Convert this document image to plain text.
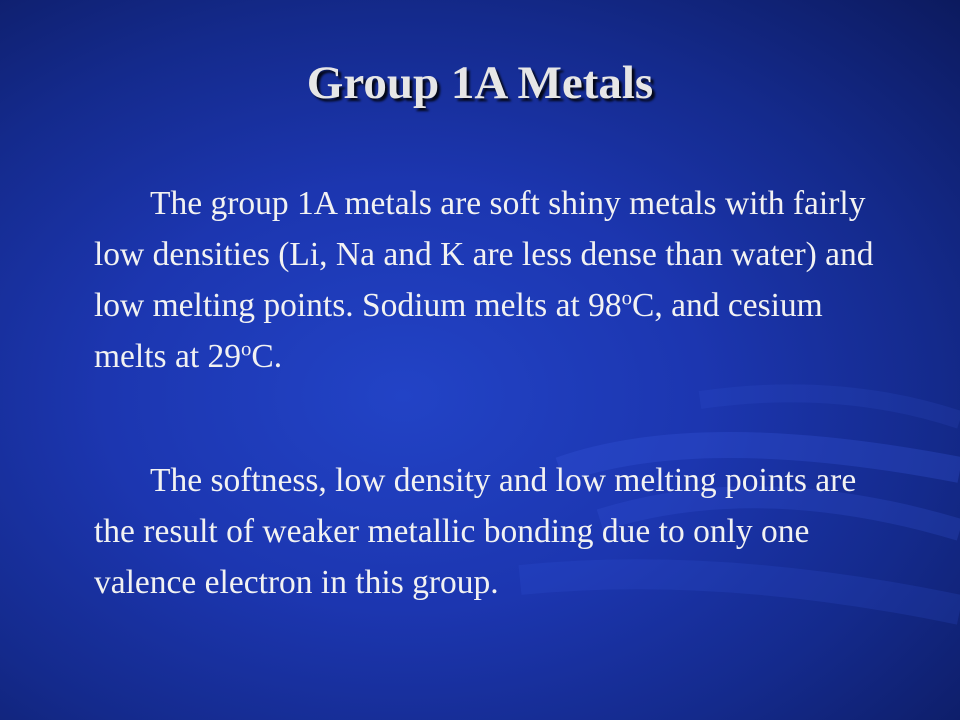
Group 1A Metals

The group 1A metals are soft shiny metals with fairly low densities (Li, Na and K are less dense than water) and low melting points. Sodium melts at 98$^o$C, and cesium melts at 29$^o$C.

The softness, low density and low melting points are the result of weaker metallic bonding due to only one valence electron in this group.
